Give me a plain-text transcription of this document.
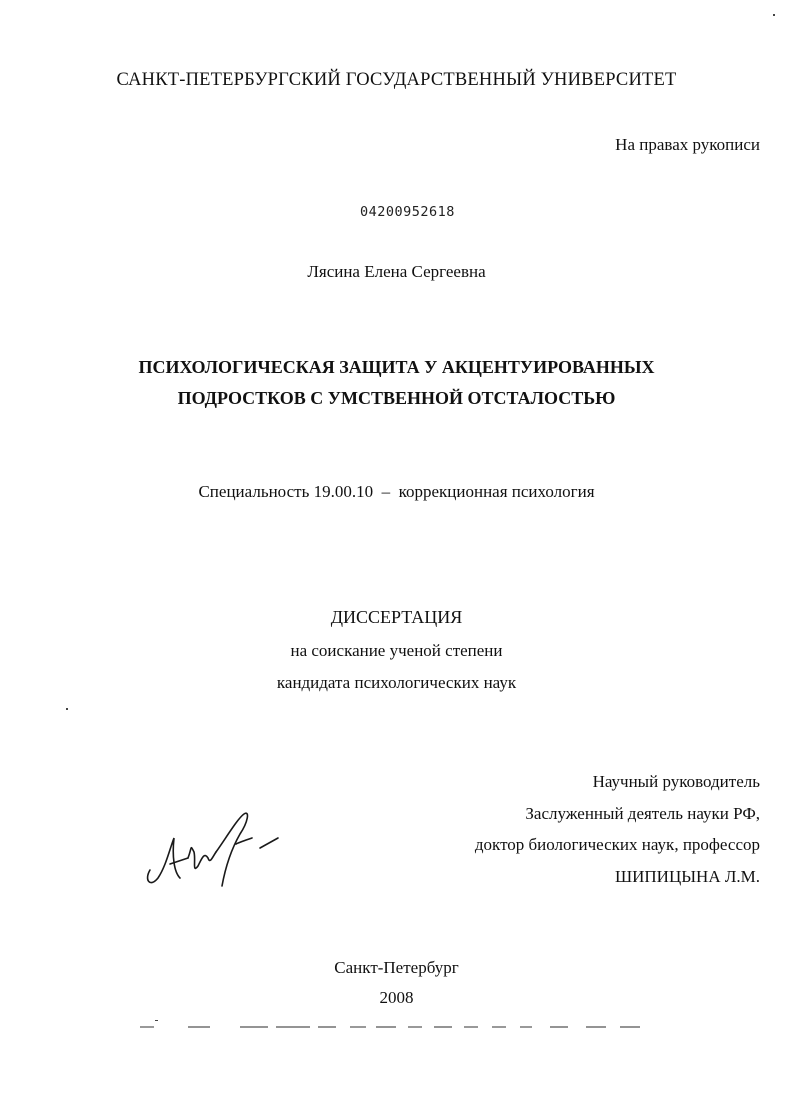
САНКТ-ПЕТЕРБУРГСКИЙ ГОСУДАРСТВЕННЫЙ УНИВЕРСИТЕТ
На правах рукописи
04200952618
Лясина Елена Сергеевна
ПСИХОЛОГИЧЕСКАЯ ЗАЩИТА У АКЦЕНТУИРОВАННЫХ
ПОДРОСТКОВ С УМСТВЕННОЙ ОТСТАЛОСТЬЮ
Специальность 19.00.10  –  коррекционная психология
ДИССЕРТАЦИЯ
на соискание ученой степени
кандидата психологических наук
Научный руководитель
Заслуженный деятель науки РФ,
доктор биологических наук, профессор
ШИПИЦЫНА Л.М.
Санкт-Петербург
2008
